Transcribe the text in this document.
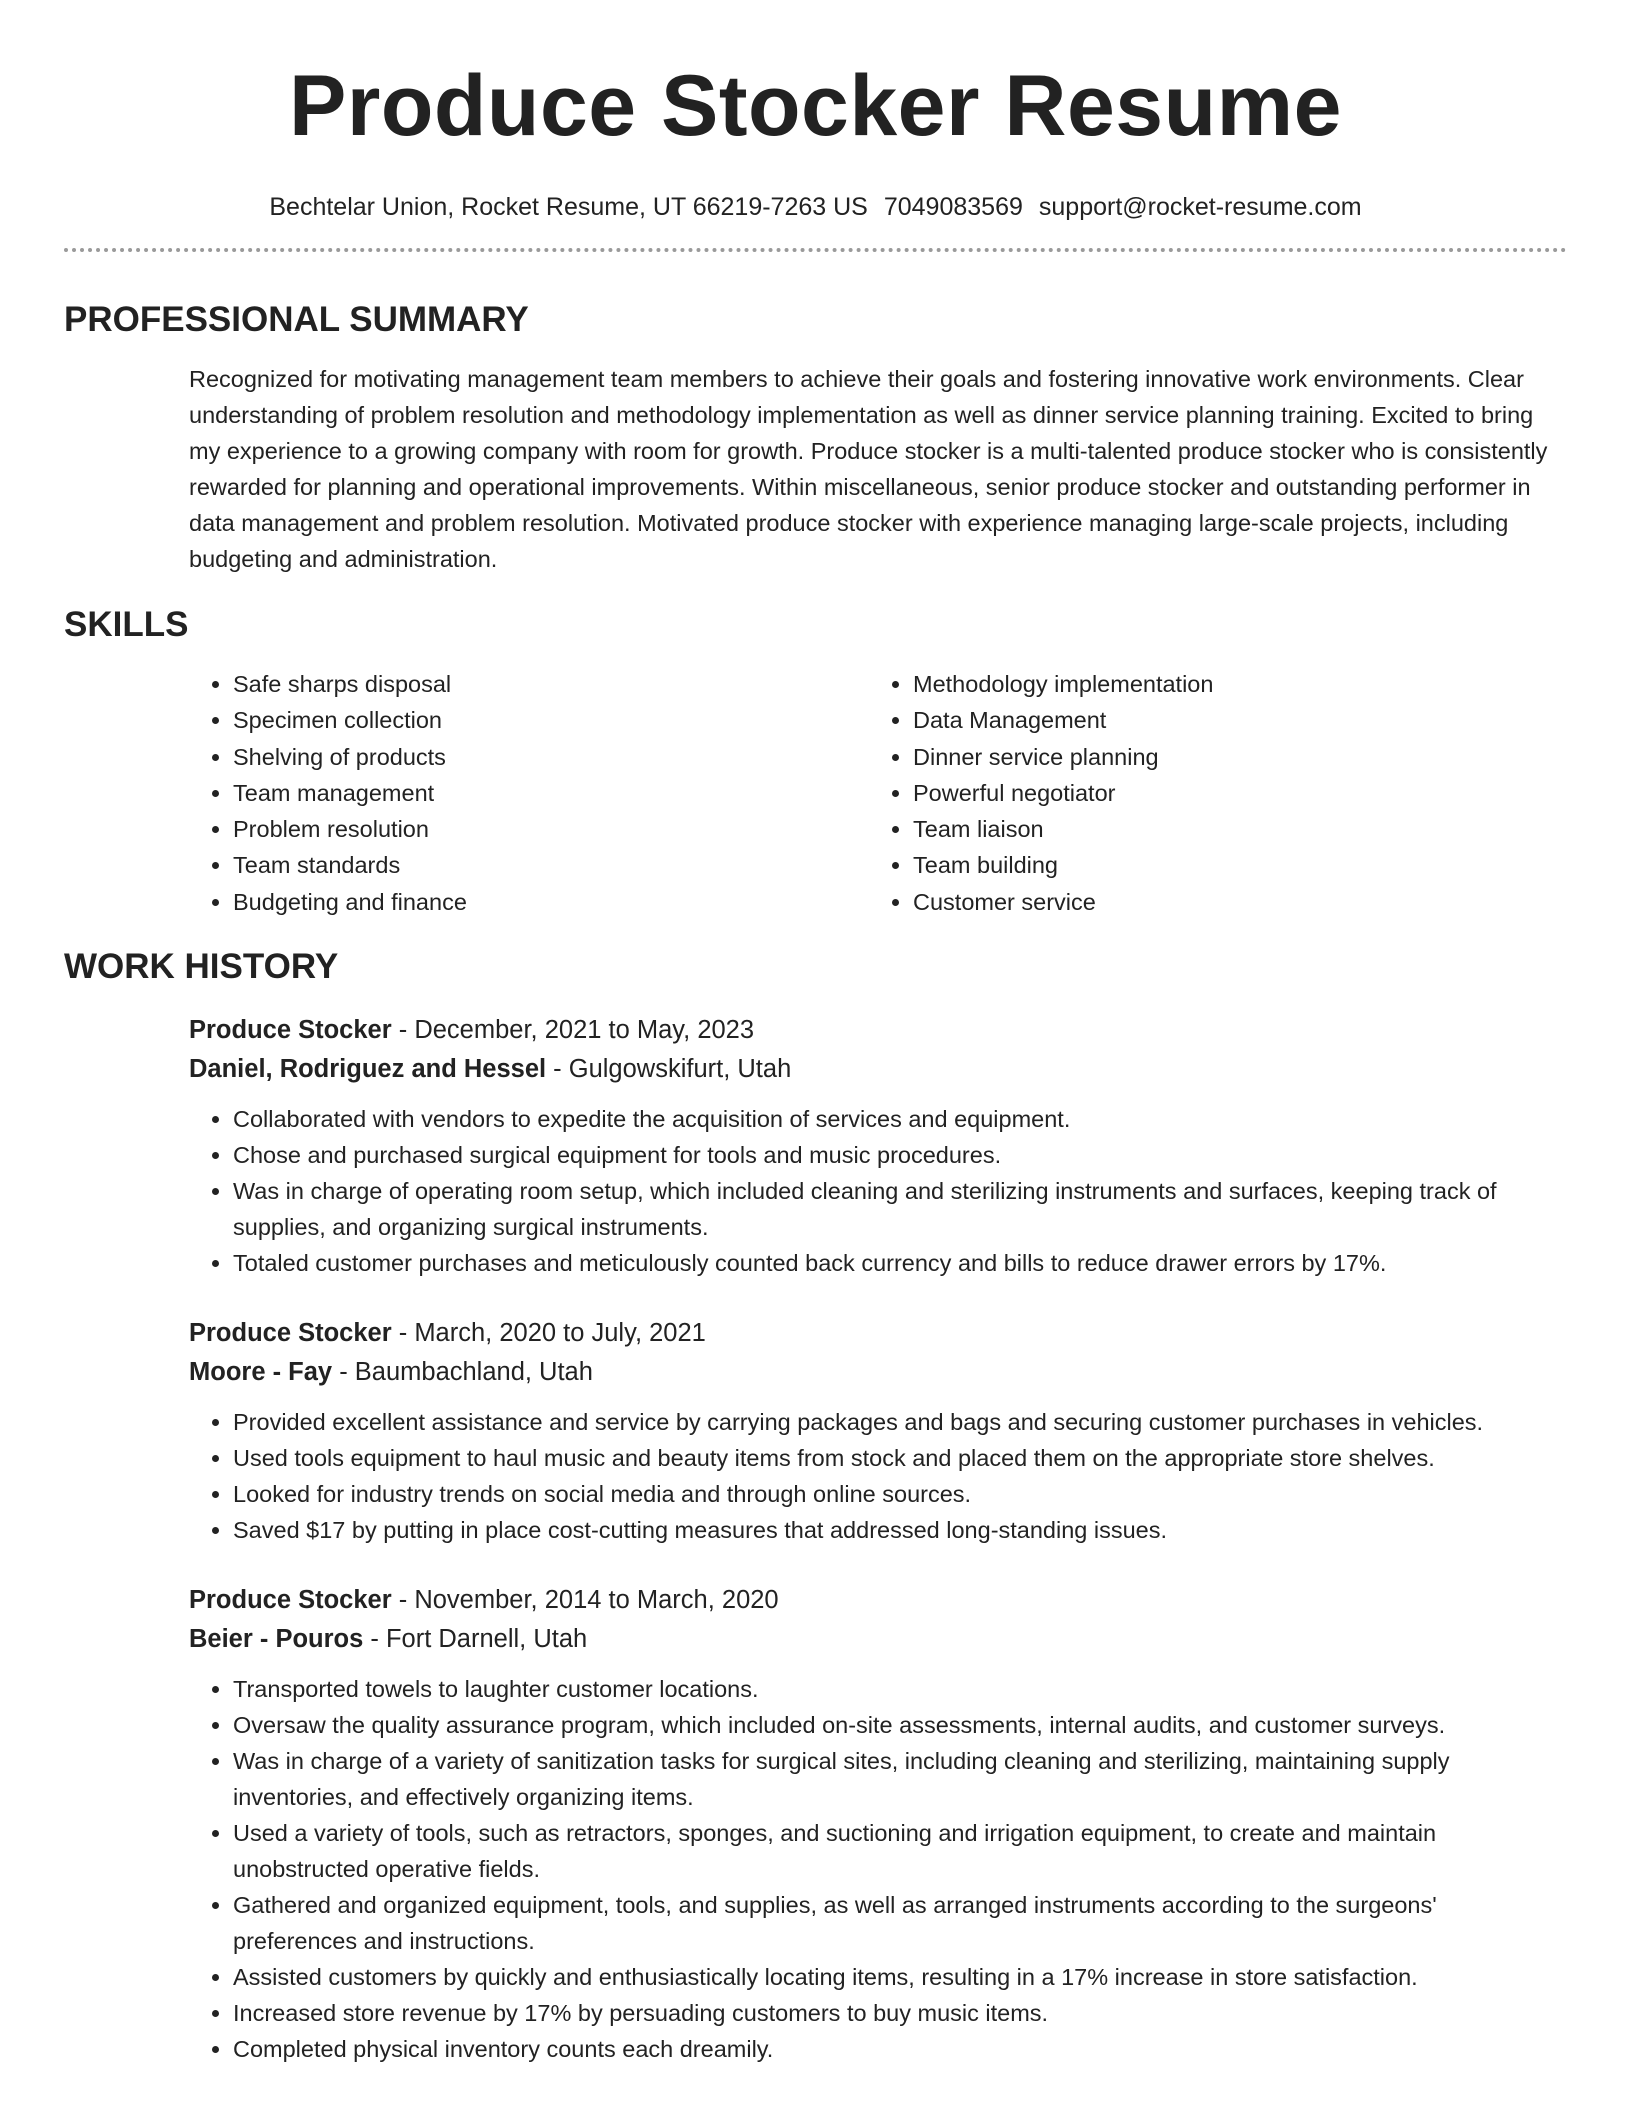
Produce Stocker Resume
Bechtelar Union, Rocket Resume, UT 66219-7263 US 7049083569 support@rocket-resume.com
PROFESSIONAL SUMMARY
Recognized for motivating management team members to achieve their goals and fostering innovative work environments. Clear understanding of problem resolution and methodology implementation as well as dinner service planning training. Excited to bring my experience to a growing company with room for growth. Produce stocker is a multi-talented produce stocker who is consistently rewarded for planning and operational improvements. Within miscellaneous, senior produce stocker and outstanding performer in data management and problem resolution. Motivated produce stocker with experience managing large-scale projects, including budgeting and administration.
SKILLS
• Safe sharps disposal
• Specimen collection
• Shelving of products
• Team management
• Problem resolution
• Team standards
• Budgeting and finance
• Methodology implementation
• Data Management
• Dinner service planning
• Powerful negotiator
• Team liaison
• Team building
• Customer service
WORK HISTORY
Produce Stocker - December, 2021 to May, 2023
Daniel, Rodriguez and Hessel - Gulgowskifurt, Utah
• Collaborated with vendors to expedite the acquisition of services and equipment.
• Chose and purchased surgical equipment for tools and music procedures.
• Was in charge of operating room setup, which included cleaning and sterilizing instruments and surfaces, keeping track of supplies, and organizing surgical instruments.
• Totaled customer purchases and meticulously counted back currency and bills to reduce drawer errors by 17%.
Produce Stocker - March, 2020 to July, 2021
Moore - Fay - Baumbachland, Utah
• Provided excellent assistance and service by carrying packages and bags and securing customer purchases in vehicles.
• Used tools equipment to haul music and beauty items from stock and placed them on the appropriate store shelves.
• Looked for industry trends on social media and through online sources.
• Saved $17 by putting in place cost-cutting measures that addressed long-standing issues.
Produce Stocker - November, 2014 to March, 2020
Beier - Pouros - Fort Darnell, Utah
• Transported towels to laughter customer locations.
• Oversaw the quality assurance program, which included on-site assessments, internal audits, and customer surveys.
• Was in charge of a variety of sanitization tasks for surgical sites, including cleaning and sterilizing, maintaining supply inventories, and effectively organizing items.
• Used a variety of tools, such as retractors, sponges, and suctioning and irrigation equipment, to create and maintain unobstructed operative fields.
• Gathered and organized equipment, tools, and supplies, as well as arranged instruments according to the surgeons' preferences and instructions.
• Assisted customers by quickly and enthusiastically locating items, resulting in a 17% increase in store satisfaction.
• Increased store revenue by 17% by persuading customers to buy music items.
• Completed physical inventory counts each dreamily.
